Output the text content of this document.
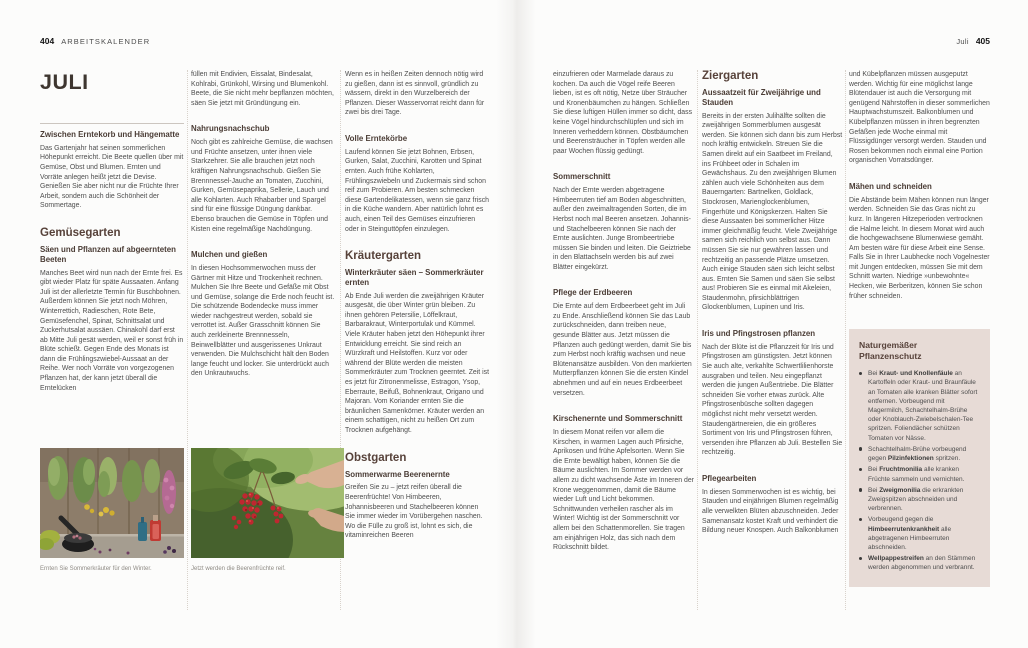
404 ARBEITSKALENDER	Juli 405
JULI
Zwischen Erntekorb und Hängematte

Das Gartenjahr hat seinen sommerlichen Höhepunkt erreicht. Die Beete quellen über mit Gemüse, Obst und Blumen. Ernten und Vorräte anlegen heißt jetzt die Devise. Genießen Sie aber nicht nur die Früchte Ihrer Arbeit, sondern auch die Schönheit der Sommertage.

Gemüsegarten
Säen und Pflanzen auf abgeernteten Beeten

Manches Beet wird nun nach der Ernte frei. Es gibt wieder Platz für späte Aussaaten. Anfang Juli ist der allerletzte Termin für Buschbohnen. Außerdem können Sie jetzt noch Möhren, Winterrettich, Radieschen, Rote Bete, Gemüsefenchel, Spinat, Schnittsalat und Zuckerhutsalat aussäen. Chinakohl darf erst ab Mitte Juli gesät werden, weil er sonst früh in Blüte schießt. Gegen Ende des Monats ist dann die Frühlingszwiebel-Aussaat an der Reihe. Wer noch Vorräte von vorgezogenen Pflanzen hat, der kann jetzt überall die Erntelücken

füllen mit Endivien, Eissalat, Bindesalat, Kohlrabi, Grünkohl, Wirsing und Blumenkohl. Beete, die Sie nicht mehr bepflanzen möchten, säen Sie jetzt mit Gründüngung ein.

Nahrungsnachschub

Noch gibt es zahlreiche Gemüse, die wachsen und Früchte ansetzen, unter ihnen viele Starkzehrer. Sie alle brauchen jetzt noch kräftigen Nahrungsnachschub. Gießen Sie Brennnessel-Jauche an Tomaten, Zucchini, Gurken, Gemüsepaprika, Sellerie, Lauch und alle Kohlarten. Auch Rhabarber und Spargel sind für eine flüssige Düngung dankbar. Ebenso brauchen die Gemüse in Töpfen und Kisten eine regelmäßige Nachdüngung.

Mulchen und gießen

In diesen Hochsommerwochen muss der Gärtner mit Hitze und Trockenheit rechnen. Mulchen Sie Ihre Beete und Gefäße mit Obst und Gemüse, solange die Erde noch feucht ist. Die schützende Bodendecke muss immer wieder nachgestreut werden, sobald sie verrottet ist. Außer Grasschnitt können Sie auch zerkleinerte Brennnesseln, Beinwellblätter und ausgerissenes Unkraut verwenden. Die Mulchschicht hält den Boden lange feucht und locker. Sie unterdrückt auch den Unkrautwuchs.

Wenn es in heißen Zeiten dennoch nötig wird zu gießen, dann ist es sinnvoll, gründlich zu wässern, direkt in den Wurzelbereich der Pflanzen. Dieser Wasservorrat reicht dann für zwei bis drei Tage.

Volle Erntekörbe

Laufend können Sie jetzt Bohnen, Erbsen, Gurken, Salat, Zucchini, Karotten und Spinat ernten. Auch frühe Kohlarten, Frühlingszwiebeln und Zuckermais sind schon reif zum Probieren. Am besten schmecken diese Gartendelikatessen, wenn sie ganz frisch in die Küche wandern. Aber natürlich lohnt es auch, einen Teil des Gemüses einzufrieren oder in Steinguttöpfen einzulegen.

Kräutergarten
Winterkräuter säen – Sommerkräuter ernten

Ab Ende Juli werden die zweijährigen Kräuter ausgesät, die über Winter grün bleiben. Zu ihnen gehören Petersilie, Löffelkraut, Barbarakraut, Winterportulak und Kümmel. Viele Kräuter haben jetzt den Höhepunkt ihrer Entwicklung erreicht. Sie sind reich an Würzkraft und Heilstoffen. Kurz vor oder während der Blüte werden die meisten Sommerkräuter zum Trocknen geerntet. Zeit ist es jetzt für Zitronenmelisse, Estragon, Ysop, Eberraute, Beifuß, Bohnenkraut, Origano und Majoran. Vom Koriander ernten Sie die bräunlichen Samenkörner. Kräuter werden an einem schattigen, nicht zu heißen Ort zum Trocknen aufgehängt.

Obstgarten
Sommerwarme Beerenernte

Greifen Sie zu – jetzt reifen überall die Beerenfrüchte! Von Himbeeren, Johannisbeeren und Stachelbeeren können Sie immer wieder im Vorübergehen naschen. Wo die Fülle zu groß ist, lohnt es sich, die vitaminreichen Beeren

einzufrieren oder Marmelade daraus zu kochen. Da auch die Vögel reife Beeren lieben, ist es oft nötig, Netze über Sträucher und Kronenbäumchen zu hängen. Schließen Sie diese luftigen Hüllen immer so dicht, dass keine Vögel hindurchschlüpfen und sich im Inneren verheddern können. Obstbäumchen und Beerensträucher in Töpfen werden alle paar Wochen flüssig gedüngt.

Sommerschnitt

Nach der Ernte werden abgetragene Himbeerruten tief am Boden abgeschnitten, außer den zweimaltragenden Sorten, die im Herbst noch mal Beeren ansetzen. Johannis- und Stachelbeeren können Sie nach der Ernte auslichten. Junge Brombeertriebe müssen Sie binden und leiten. Die Geiztriebe in den Blattachseln werden bis auf zwei Blätter eingekürzt.

Pflege der Erdbeeren

Die Ernte auf dem Erdbeerbeet geht im Juli zu Ende. Anschließend können Sie das Laub zurückschneiden, dann treiben neue, gesunde Blätter aus. Jetzt müssen die Pflanzen auch gedüngt werden, damit Sie bis zum Herbst noch kräftig wachsen und neue Blütenansätze ausbilden. Von den markierten Mutterpflanzen können Sie die ersten Kindel abnehmen und auf ein neues Erdbeerbeet versetzen.

Kirschenernte und Sommerschnitt

In diesem Monat reifen vor allem die Kirschen, in warmen Lagen auch Pfirsiche, Aprikosen und frühe Apfelsorten. Wenn Sie die Ernte bewältigt haben, können Sie die Bäume auslichten. Im Sommer werden vor allem zu dicht wachsende Äste im Inneren der Krone weggenommen, damit die Bäume wieder Luft und Licht bekommen. Schnittwunden verheilen rascher als im Winter! Wichtig ist der Sommerschnitt vor allem bei den Schattenmorellen. Sie tragen am einjährigen Holz, das sich nach dem Rückschnitt bildet.

Ziergarten
Aussaatzeit für Zweijährige und Stauden

Bereits in der ersten Julihälfte sollten die zweijährigen Sommerblumen ausgesät werden. Sie können sich dann bis zum Herbst noch kräftig entwickeln. Streuen Sie die Samen direkt auf ein Saatbeet im Freiland, ins Frühbeet oder in Schalen im Gewächshaus. Zu den zweijährigen Blumen zählen auch viele Schönheiten aus dem Bauerngarten: Bartnelken, Goldlack, Stockrosen, Marienglockenblumen, Fingerhüte und Königskerzen. Halten Sie diese Aussaaten bei sommerlicher Hitze immer gleichmäßig feucht. Viele Zweijährige samen sich reichlich von selbst aus. Dann müssen Sie sie nur gewähren lassen und rechtzeitig an passende Plätze umsetzen. Auch einige Stauden säen sich leicht selbst aus. Ernten Sie Samen und säen Sie selbst aus! Probieren Sie es einmal mit Akeleien, Staudenmohn, pfirsichblättrigen Glockenblumen, Lupinen und Iris.

Iris und Pfingstrosen pflanzen

Nach der Blüte ist die Pflanzzeit für Iris und Pfingstrosen am günstigsten. Jetzt können Sie auch alte, verkahlte Schwertlilienhorste ausgraben und teilen. Neu eingepflanzt werden die jungen Außentriebe. Die Blätter schneiden Sie vorher etwas zurück. Alte Pfingstrosenbüsche sollten dagegen möglichst nicht mehr versetzt werden. Staudengärtnereien, die ein größeres Sortiment von Iris und Pfingstrosen führen, versenden ihre Pflanzen ab Juli. Bestellen Sie rechtzeitig.

Pflegearbeiten

In diesen Sommerwochen ist es wichtig, bei Stauden und einjährigen Blumen regelmäßig alle verwelkten Blüten abzuschneiden. Jeder Samenansatz kostet Kraft und verhindert die Bildung neuer Knospen. Auch Balkonblumen

und Kübelpflanzen müssen ausgeputzt werden. Wichtig für eine möglichst lange Blütendauer ist auch die Versorgung mit genügend Nährstoffen in dieser sommerlichen Hauptwachstumszeit. Balkonblumen und Kübelpflanzen müssen in ihren begrenzten Gefäßen jede Woche einmal mit Flüssigdünger versorgt werden. Stauden und Rosen bekommen noch einmal eine Portion organischen Vorratsdünger.

Mähen und schneiden

Die Abstände beim Mähen können nun länger werden. Schneiden Sie das Gras nicht zu kurz. In längeren Hitzeperioden vertrocknen die Halme leicht. In diesem Monat wird auch die hochgewachsene Blumenwiese gemäht. Am besten wäre für diese Arbeit eine Sense. Falls Sie in Ihrer Laubhecke noch Vogelnester mit Jungen entdecken, müssen Sie mit dem Schnitt warten. Niedrige »unbewohnte« Hecken, wie Berberitzen, können Sie schon früher schneiden.

Naturgemäßer Pflanzenschutz
Bei Kraut- und Knollenfäule an Kartoffeln oder Kraut- und Braunfäule an Tomaten alle kranken Blätter sofort entfernen. Vorbeugend mit Magermilch, Schachtelhalm-Brühe oder Knoblauch-Zwiebelschalen-Tee spritzen. Foliendächer schützen Tomaten vor Nässe.
Schachtelhalm-Brühe vorbeugend gegen Pilzinfektionen spritzen.
Bei Fruchtmonilia alle kranken Früchte sammeln und vernichten.
Bei Zweigmonilia die erkrankten Zweigspitzen abschneiden und verbrennen.
Vorbeugend gegen die Himbeerrutenkrankheit alle abgetragenen Himbeerruten abschneiden.
Wellpappestreifen an den Stämmen werden abgenommen und verbrannt.
Ernten Sie Sommerkräuter für den Winter.	Jetzt werden die Beerenfrüchte reif.
